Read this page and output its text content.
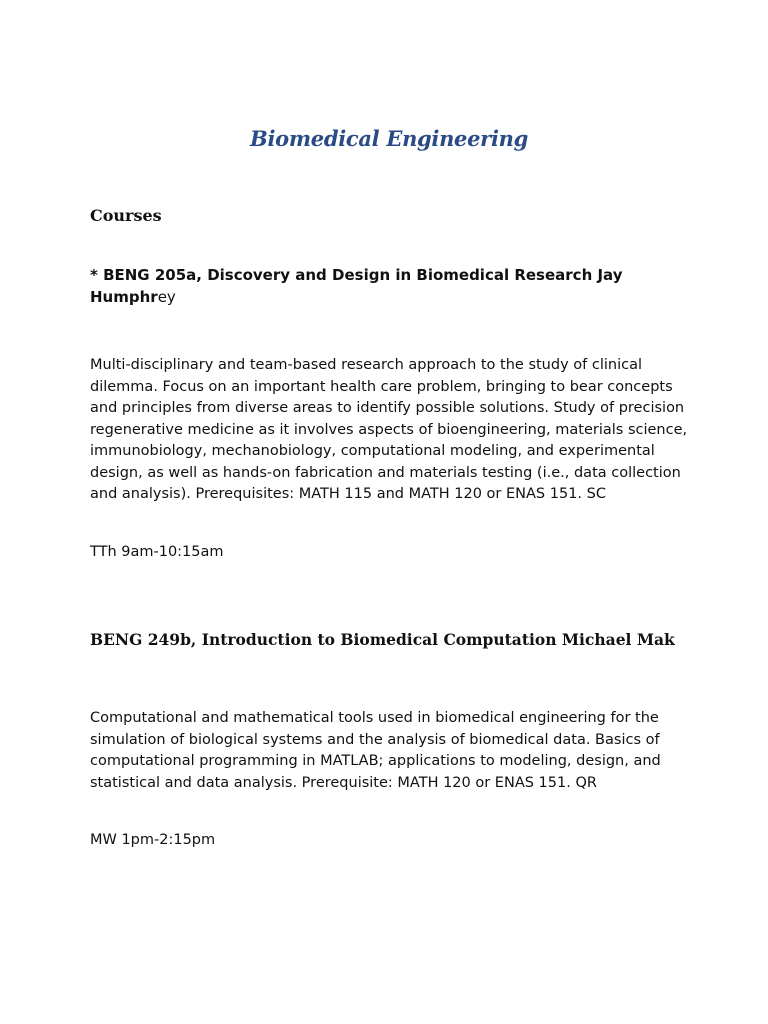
Biomedical Engineering
Courses
* BENG 205a, Discovery and Design in Biomedical Research Jay Humphrey
Multi-disciplinary and team-based research approach to the study of clinical dilemma. Focus on an important health care problem, bringing to bear concepts and principles from diverse areas to identify possible solutions. Study of precision regenerative medicine as it involves aspects of bioengineering, materials science, immunobiology, mechanobiology, computational modeling, and experimental design, as well as hands-on fabrication and materials testing (i.e., data collection and analysis). Prerequisites: MATH 115 and MATH 120 or ENAS 151. SC
TTh 9am-10:15am
BENG 249b, Introduction to Biomedical Computation Michael Mak
Computational and mathematical tools used in biomedical engineering for the simulation of biological systems and the analysis of biomedical data. Basics of computational programming in MATLAB; applications to modeling, design, and statistical and data analysis. Prerequisite: MATH 120 or ENAS 151. QR
MW 1pm-2:15pm
